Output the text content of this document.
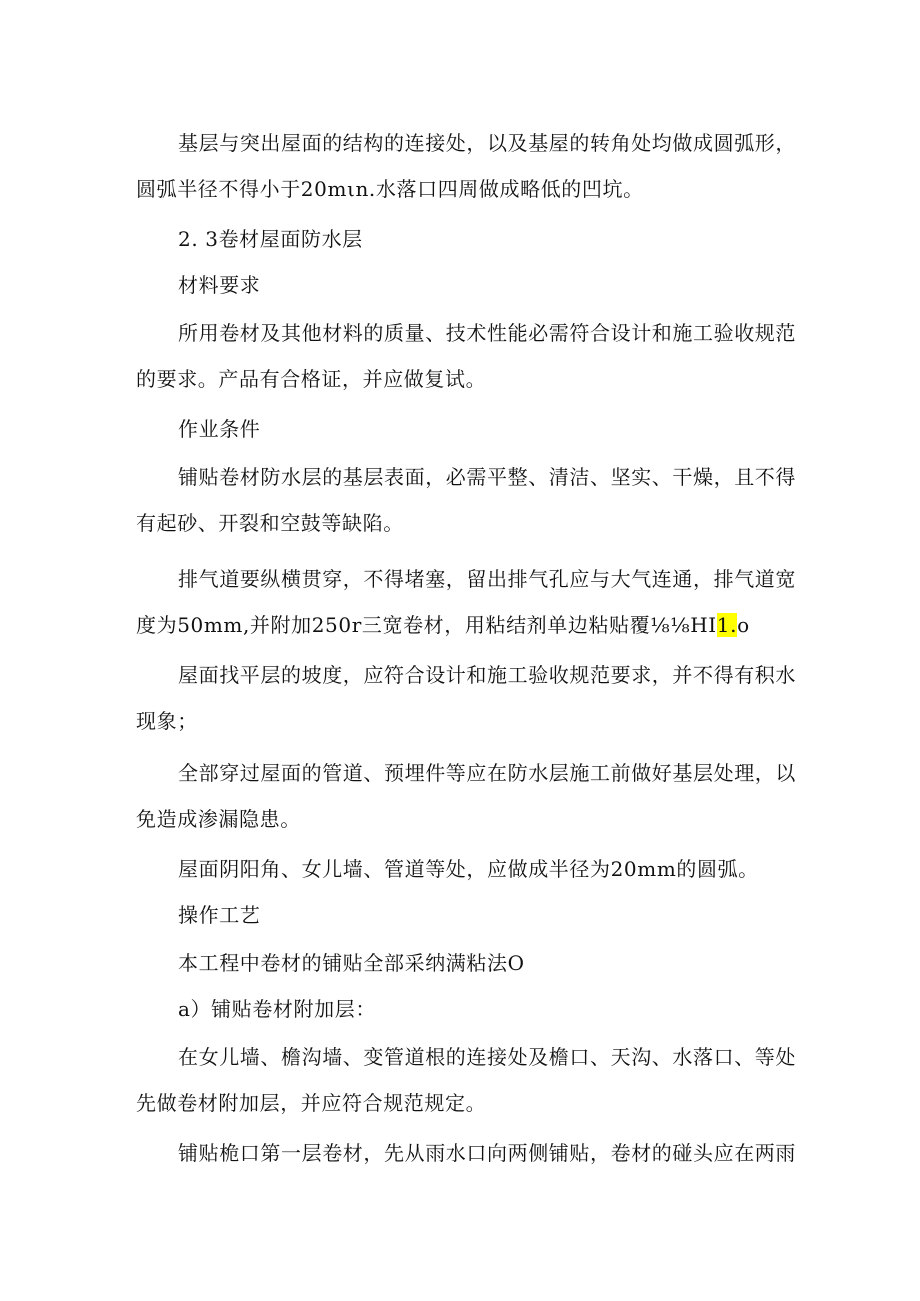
基层与突出屋面的结构的连接处，以及基屋的转角处均做成圆弧形，
圆弧半径不得小于20mιn.水落口四周做成略低的凹坑。

2. 3卷材屋面防水层

材料要求

所用卷材及其他材料的质量、技术性能必需符合设计和施工验收规范
的要求。产品有合格证，并应做复试。

作业条件

铺贴卷材防水层的基层表面，必需平整、清洁、坚实、干燥，且不得
有起砂、开裂和空鼓等缺陷。

排气道要纵横贯穿，不得堵塞，留出排气孔应与大气连通，排气道宽
度为50mm,并附加250r三宽卷材，用粘结剂单边粘贴覆⅛⅛HI1.o

屋面找平层的坡度，应符合设计和施工验收规范要求，并不得有积水
现象；

全部穿过屋面的管道、预埋件等应在防水层施工前做好基层处理，以
免造成渗漏隐患。

屋面阴阳角、女儿墙、管道等处，应做成半径为20mm的圆弧。

操作工艺

本工程中卷材的铺贴全部采纳满粘法O

a）铺贴卷材附加层：

在女儿墙、檐沟墙、变管道根的连接处及檐口、天沟、水落口、等处
先做卷材附加层，并应符合规范规定。

铺贴桅口第一层卷材，先从雨水口向两侧铺贴，卷材的碰头应在两雨
